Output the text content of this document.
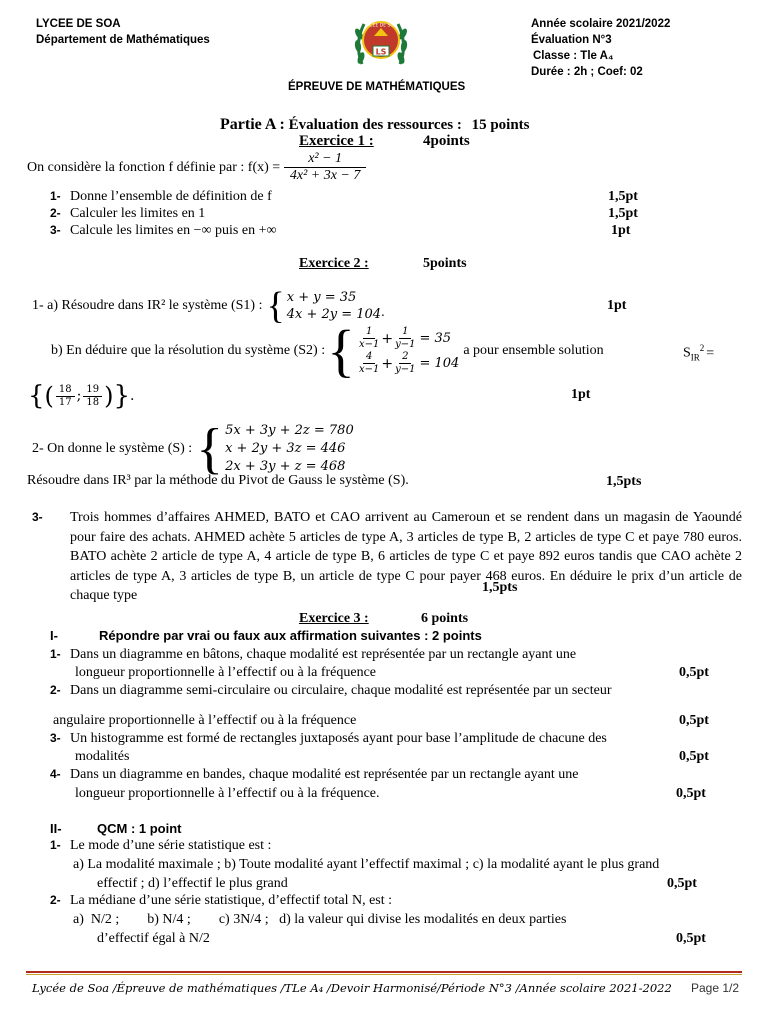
LYCEE DE SOA
Département de Mathématiques
LS
LYCEE DE SOA	Année scolaire 2021/2022
Évaluation N°3
Classe : Tle A₄
Durée : 2h ; Coef: 02
ÉPREUVE DE MATHÉMATIQUES
Partie A : Évaluation des ressources : 15 points
Exercice 1 :	4points
On considère la fonction f définie par : $f(x) = \frac{\text{x² − 1}}{\text{4x² + 3x − 7}}$
1- Donne l’ensemble de définition de f	1,5pt
2- Calculer les limites en 1	1,5pt
3- Calcule les limites en −∞ puis en +∞	1pt
Exercice 2 :	5points
1- a) Résoudre dans IR² le système (S1) : { x + y = 35
4x + 2y = 104 .	1pt
b) En déduire que la résolution du système (S2) : { $\frac{1}{x-1} + \frac{1}{y-1} = 35$
$\frac{4}{x-1} + \frac{2}{y-1} = 104$
a pour ensemble solution	$S_{IR}^2$ =
{ ( $\frac{18}{17}$ ; $\frac{19}{18}$ ) } .	1pt
2- On donne le système (S) : { 5x + 3y + 2z = 780
x + 2y + 3z = 446
2x + 3y + z = 468
Résoudre dans IR³ par la méthode du Pivot de Gauss le système (S).	1,5pts
3- Trois hommes d’affaires AHMED, BATO et CAO arrivent au Cameroun et se rendent dans un magasin de Yaoundé pour faire des achats. AHMED achète 5 articles de type A, 3 articles de type B, 2 articles de type C et paye 780 euros. BATO achète 2 article de type A, 4 article de type B, 6 articles de type C et paye 892 euros tandis que CAO achète 2 articles de type A, 3 articles de type B, un article de type C pour payer 468 euros. En déduire le prix d’un article de chaque type
1,5pts
Exercice 3 :	6 points
I-	Répondre par vrai ou faux aux affirmation suivantes : 2 points
1- Dans un diagramme en bâtons, chaque modalité est représentée par un rectangle ayant une
longueur proportionnelle à l’effectif ou à la fréquence	0,5pt
2- Dans un diagramme semi-circulaire ou circulaire, chaque modalité est représentée par un secteur
angulaire proportionnelle à l’effectif ou à la fréquence	0,5pt
3- Un histogramme est formé de rectangles juxtaposés ayant pour base l’amplitude de chacune des
modalités	0,5pt
4- Dans un diagramme en bandes, chaque modalité est représentée par un rectangle ayant une
longueur proportionnelle à l’effectif ou à la fréquence.	0,5pt
II-	QCM : 1 point
1- Le mode d’une série statistique est :
a) La modalité maximale ; b) Toute modalité ayant l’effectif maximal ; c) la modalité ayant le plus grand
effectif ; d) l’effectif le plus grand	0,5pt
2- La médiane d’une série statistique, d’effectif total N, est :
a)  N/2 ;        b) N/4 ;        c) 3N/4 ;   d) la valeur qui divise les modalités en deux parties
d’effectif égal à N/2	0,5pt
Lycée de Soa /Épreuve de mathématiques /TLe A₄ /Devoir Harmonisé/Période N°3 /Année scolaire 2021-2022 Page 1/2
